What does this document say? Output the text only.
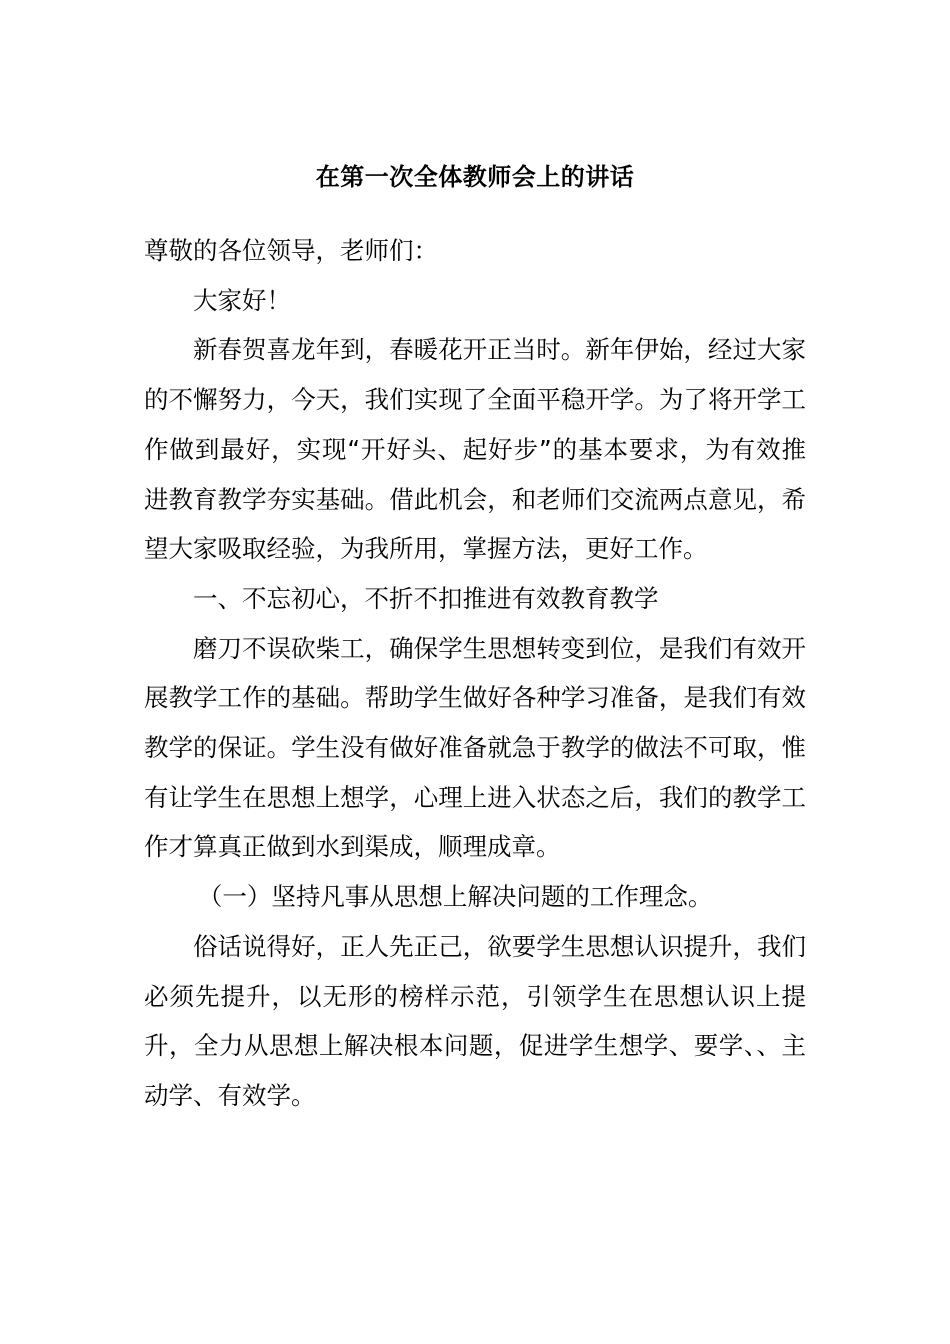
在第一次全体教师会上的讲话

尊敬的各位领导，老师们：

大家好！

新春贺喜龙年到，春暖花开正当时。新年伊始，经过大家的不懈努力，今天，我们实现了全面平稳开学。为了将开学工作做到最好，实现“开好头、起好步”的基本要求，为有效推进教育教学夯实基础。借此机会，和老师们交流两点意见，希望大家吸取经验，为我所用，掌握方法，更好工作。

一、不忘初心，不折不扣推进有效教育教学

磨刀不误砍柴工，确保学生思想转变到位，是我们有效开展教学工作的基础。帮助学生做好各种学习准备，是我们有效教学的保证。学生没有做好准备就急于教学的做法不可取，惟有让学生在思想上想学，心理上进入状态之后，我们的教学工作才算真正做到水到渠成，顺理成章。

（一）坚持凡事从思想上解决问题的工作理念。

俗话说得好，正人先正己，欲要学生思想认识提升，我们必须先提升，以无形的榜样示范，引领学生在思想认识上提升，全力从思想上解决根本问题，促进学生想学、要学、、主动学、有效学。
